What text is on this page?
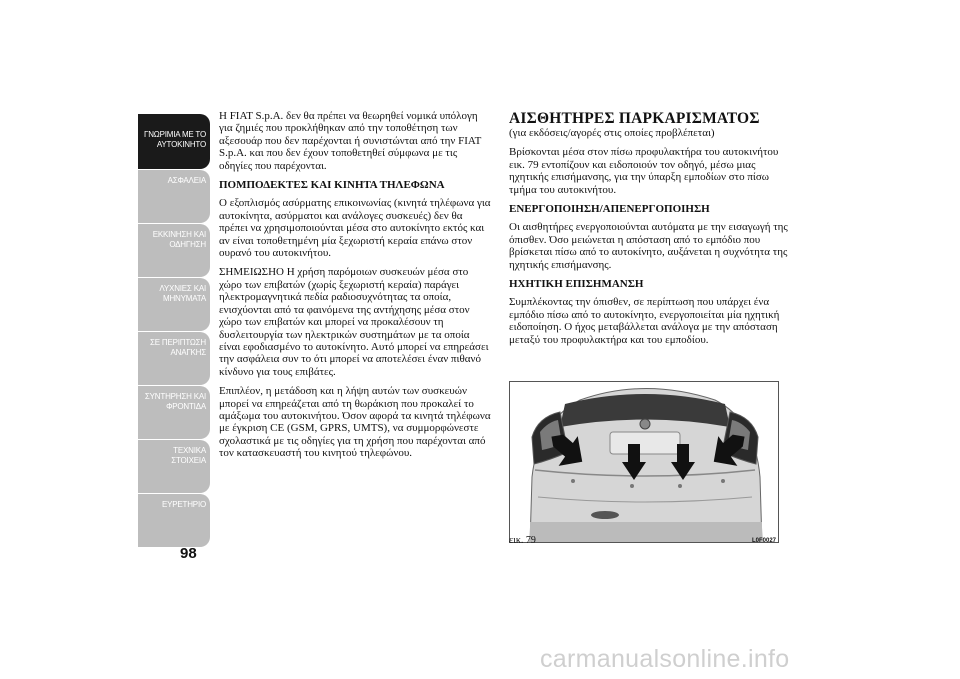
ΓΝΩΡΙΜΙΑ ΜΕ ΤΟ ΑΥΤΟΚΙΝΗΤΟ
ΑΣΦΑΛΕΙΑ
ΕΚΚΙΝΗΣΗ ΚΑΙ ΟΔΗΓΗΣΗ
ΛΥΧΝΙΕΣ ΚΑΙ ΜΗΝΥΜΑΤΑ
ΣΕ ΠΕΡΙΠΤΩΣΗ ΑΝΑΓΚΗΣ
ΣΥΝΤΗΡΗΣΗ ΚΑΙ ΦΡΟΝΤΙΔΑ
ΤΕΧΝΙΚΑ ΣΤΟΙΧΕΙΑ
ΕΥΡΕΤΗΡΙΟ
98

Η FIAT S.p.A. δεν θα πρέπει να θεωρηθεί νομικά υπόλογη για ζημιές που προκλήθηκαν από την τοποθέτηση των αξεσουάρ που δεν παρέχονται ή συνιστώνται από την FIAT S.p.A. και που δεν έχουν τοποθετηθεί σύμφωνα με τις οδηγίες που παρέχονται.

ΠΟΜΠΟΔΕΚΤΕΣ ΚΑΙ ΚΙΝΗΤΑ ΤΗΛΕΦΩΝΑ

Ο εξοπλισμός ασύρματης επικοινωνίας (κινητά τηλέφωνα για αυτοκίνητα, ασύρματοι και ανάλογες συσκευές) δεν θα πρέπει να χρησιμοποιούνται μέσα στο αυτοκίνητο εκτός και αν είναι τοποθετημένη μία ξεχωριστή κεραία επάνω στον ουρανό του αυτοκινήτου.

ΣΗΜΕΙΩΣΗΟ Η χρήση παρόμοιων συσκευών μέσα στο χώρο των επιβατών (χωρίς ξεχωριστή κεραία) παράγει ηλεκτρομαγνητικά πεδία ραδιοσυχνότητας τα οποία, ενισχύονται από τα φαινόμενα της αντήχησης μέσα στον χώρο των επιβατών και μπορεί να προκαλέσουν τη δυσλειτουργία των ηλεκτρικών συστημάτων με τα οποία είναι εφοδιασμένο το αυτοκίνητο. Αυτό μπορεί να επηρεάσει την ασφάλεια συν το ότι μπορεί να αποτελέσει έναν πιθανό κίνδυνο για τους επιβάτες.

Επιπλέον, η μετάδοση και η λήψη αυτών των συσκευών μπορεί να επηρεάζεται από τη θωράκιση που προκαλεί το αμάξωμα του αυτοκινήτου. Όσον αφορά τα κινητά τηλέφωνα με έγκριση CE (GSM, GPRS, UMTS), να συμμορφώνεστε σχολαστικά με τις οδηγίες για τη χρήση που παρέχονται από τον κατασκευαστή του κινητού τηλεφώνου.

ΑΙΣΘΗΤΗΡΕΣ ΠΑΡΚΑΡΙΣΜΑΤΟΣ

(για εκδόσεις/αγορές στις οποίες προβλέπεται)

Βρίσκονται μέσα στον πίσω προφυλακτήρα του αυτοκινήτου εικ. 79 εντοπίζουν και ειδοποιούν τον οδηγό, μέσω μιας ηχητικής επισήμανσης, για την ύπαρξη εμποδίων στο πίσω τμήμα του αυτοκινήτου.

ΕΝΕΡΓΟΠΟΙΗΣΗ/ΑΠΕΝΕΡΓΟΠΟΙΗΣΗ

Οι αισθητήρες ενεργοποιούνται αυτόματα με την εισαγωγή της όπισθεν. Όσο μειώνεται η απόσταση από το εμπόδιο που βρίσκεται πίσω από το αυτοκίνητο, αυξάνεται η συχνότητα της ηχητικής επισήμανσης.

ΗΧΗΤΙΚΗ ΕΠΙΣΗΜΑΝΣΗ

Συμπλέκοντας την όπισθεν, σε περίπτωση που υπάρχει ένα εμπόδιο πίσω από το αυτοκίνητο, ενεργοποιείται μία ηχητική ειδοποίηση. Ο ήχος μεταβάλλεται ανάλογα με την απόσταση μεταξύ του προφυλακτήρα και του εμποδίου.

εικ. 79	L0F0027
carmanualsonline.info
